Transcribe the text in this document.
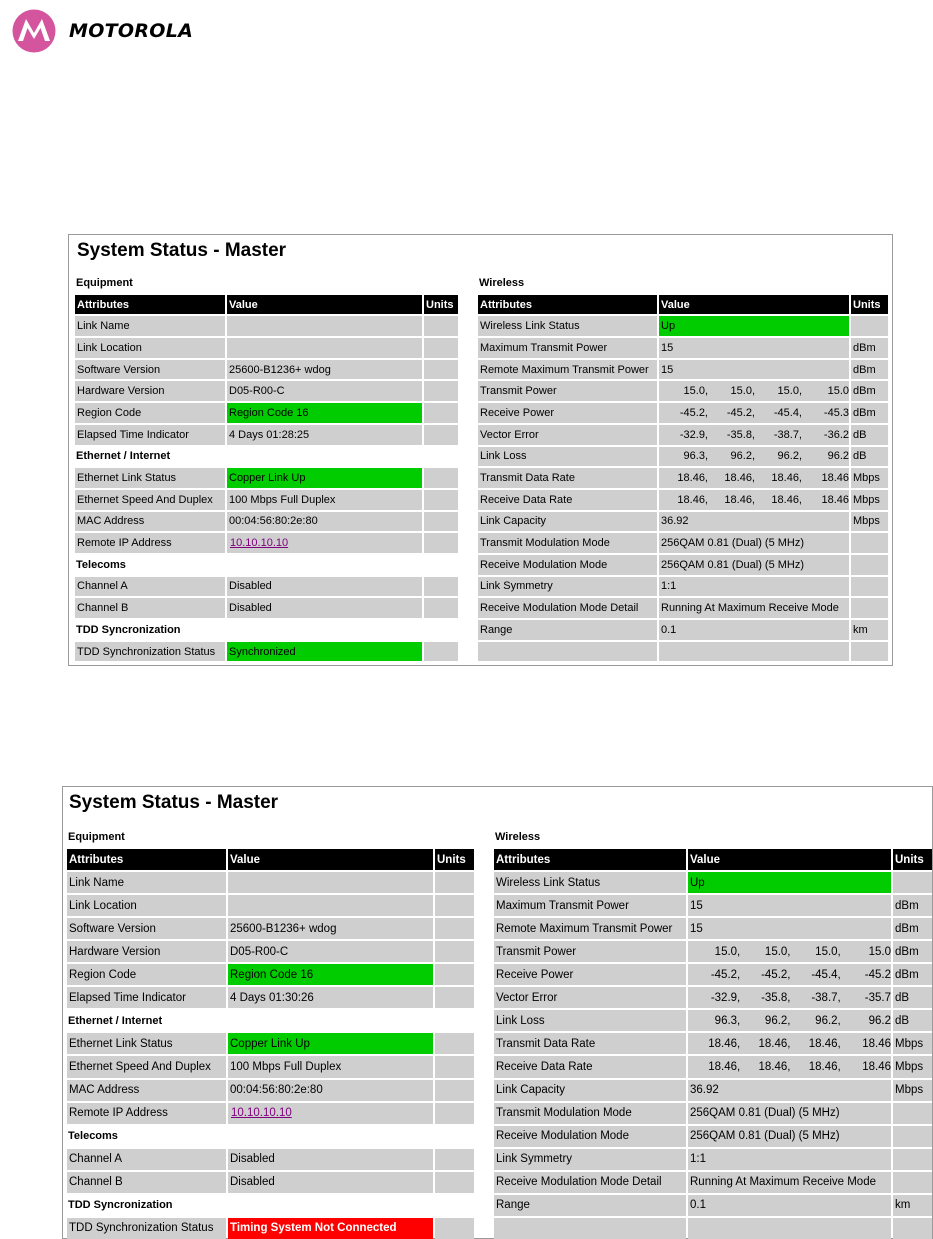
MOTOROLA
System Status - Master
Equipment
Attributes	Value	Units
Link Name
Link Location
Software Version	25600-B1236+ wdog
Hardware Version	D05-R00-C
Region Code	Region Code 16
Elapsed Time Indicator	4 Days 01:28:25
Ethernet / Internet
Ethernet Link Status	Copper Link Up
Ethernet Speed And Duplex	100 Mbps Full Duplex
MAC Address	00:04:56:80:2e:80
Remote IP Address	10.10.10.10
Telecoms
Channel A	Disabled
Channel B	Disabled
TDD Syncronization
TDD Synchronization Status	Synchronized
Wireless
Attributes	Value	Units
Wireless Link Status	Up
Maximum Transmit Power	15	dBm
Remote Maximum Transmit Power	15	dBm
Transmit Power	15.0,	15.0,	15.0,	15.0 dBm
Receive Power	-45.2,	-45.2,	-45.4,	-45.3 dBm
Vector Error	-32.9,	-35.8,	-38.7,	-36.2 dB
Link Loss	96.3,	96.2,	96.2,	96.2 dB
Transmit Data Rate	18.46,	18.46,	18.46,	18.46 Mbps
Receive Data Rate	18.46,	18.46,	18.46,	18.46 Mbps
Link Capacity	36.92	Mbps
Transmit Modulation Mode	256QAM 0.81 (Dual) (5 MHz)
Receive Modulation Mode	256QAM 0.81 (Dual) (5 MHz)
Link Symmetry	1:1
Receive Modulation Mode Detail	Running At Maximum Receive Mode
Range	0.1	km
System Status - Master
Equipment
Attributes	Value	Units
Link Name
Link Location
Software Version	25600-B1236+ wdog
Hardware Version	D05-R00-C
Region Code	Region Code 16
Elapsed Time Indicator	4 Days 01:30:26
Ethernet / Internet
Ethernet Link Status	Copper Link Up
Ethernet Speed And Duplex	100 Mbps Full Duplex
MAC Address	00:04:56:80:2e:80
Remote IP Address	10.10.10.10
Telecoms
Channel A	Disabled
Channel B	Disabled
TDD Syncronization
TDD Synchronization Status	Timing System Not Connected
Wireless
Attributes	Value	Units
Wireless Link Status	Up
Maximum Transmit Power	15	dBm
Remote Maximum Transmit Power	15	dBm
Transmit Power	15.0,	15.0,	15.0,	15.0 dBm
Receive Power	-45.2,	-45.2,	-45.4,	-45.2 dBm
Vector Error	-32.9,	-35.8,	-38.7,	-35.7 dB
Link Loss	96.3,	96.2,	96.2,	96.2 dB
Transmit Data Rate	18.46,	18.46,	18.46,	18.46 Mbps
Receive Data Rate	18.46,	18.46,	18.46,	18.46 Mbps
Link Capacity	36.92	Mbps
Transmit Modulation Mode	256QAM 0.81 (Dual) (5 MHz)
Receive Modulation Mode	256QAM 0.81 (Dual) (5 MHz)
Link Symmetry	1:1
Receive Modulation Mode Detail	Running At Maximum Receive Mode
Range	0.1	km
